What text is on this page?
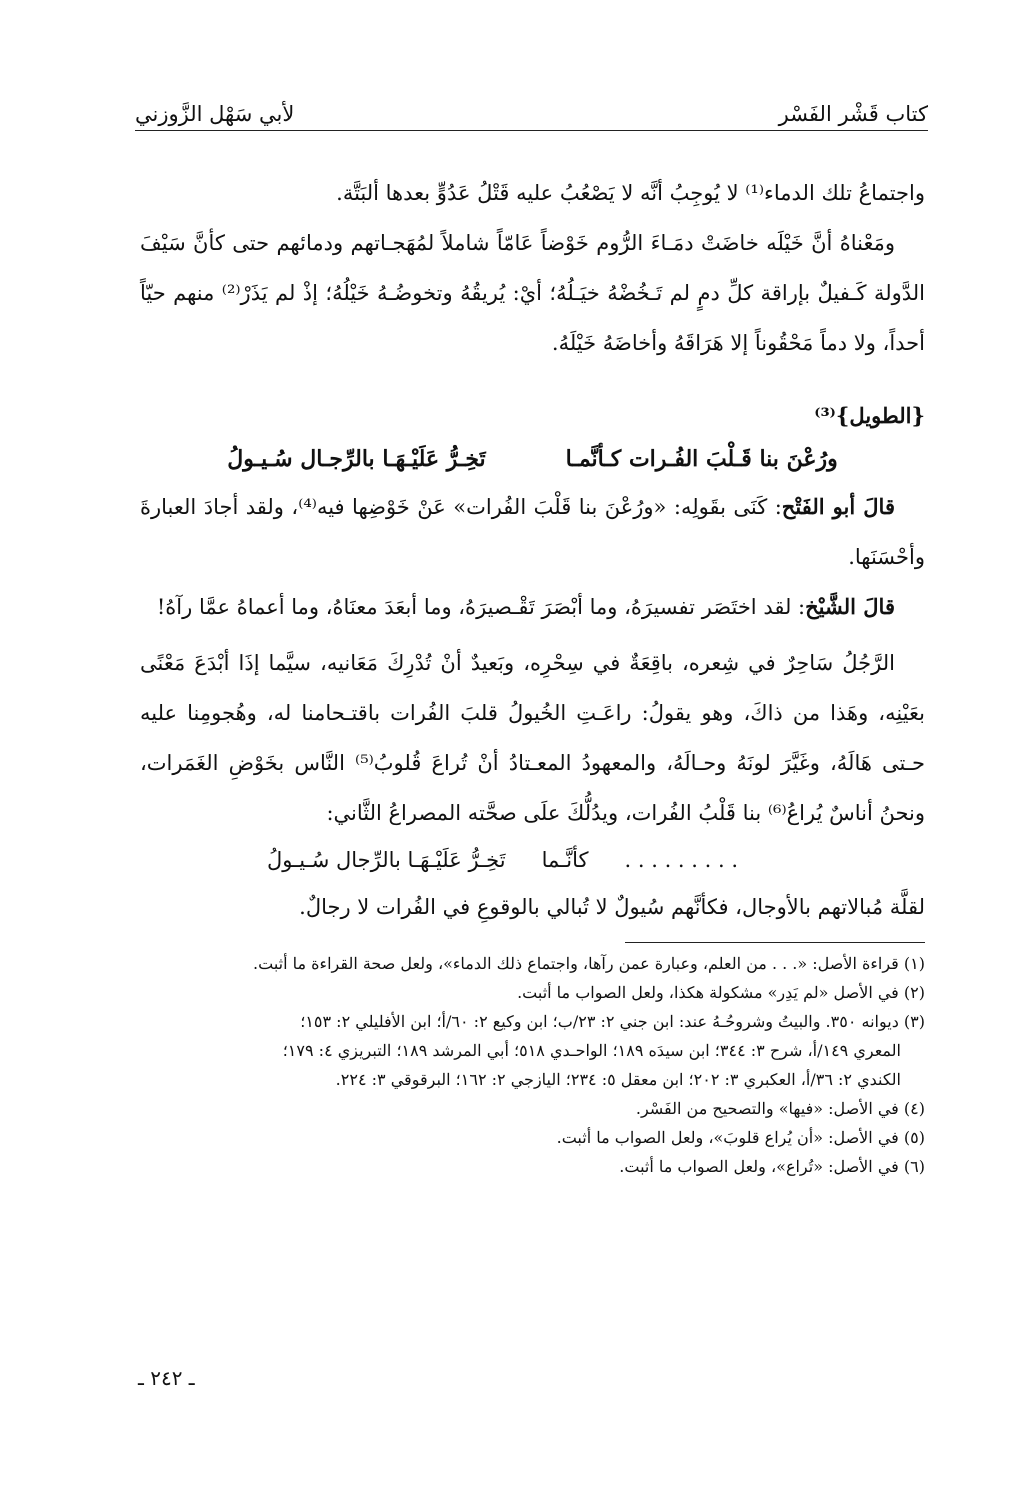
كتاب قَشْر الفَسْر
لأبي سَهْل الزَّوزني

واجتماعُ تلك الدماء⁽¹⁾ لا يُوجِبُ أنَّه لا يَصْعُبُ عليه قَتْلُ عَدُوٍّ بعدها ألبَتَّة.

ومَعْناهُ أنَّ خَيْلَه خاضَتْ دمَـاءَ الرُّوم خَوْضاً عَامّاً شاملاً لمُهَجـاتهم ودمائهم حتى كأنَّ سَيْفَ الدَّولة كَـفيلٌ بإراقة كلِّ دمٍ لم تَـخُضْهُ خيَـلُهُ؛ أيْ: يُريقُهُ وتخوضُـهُ خَيْلُهُ؛ إذْ لم يَذَرْ⁽²⁾ منهم حيّاً أحداً، ولا دماً مَحْقُوناً إلا هَرَاقَهُ وأخاضَهُ خَيْلَهُ.

{الطويل}⁽³⁾
ورُعْنَ بنا قَـلْبَ الفُـرات كـأنَّمـا
تَخِـرُّ عَلَيْـهَـا بالرِّجـال سُـيـولُ

قالَ أبو الفَتْح: كَنَى بقَولِه: «ورُعْنَ بنا قَلْبَ الفُرات» عَنْ خَوْضِها فيه⁽⁴⁾، ولقد أجادَ العبارةَ وأحْسَنَها.

قالَ الشَّيْخ: لقد اختَصَر تفسيرَهُ، وما أبْصَرَ تَقْـصيرَهُ، وما أبعَدَ معنَاهُ، وما أعماهُ عمَّا رآهُ!

الرَّجُلُ سَاحِرٌ في شِعره، باقِعَةٌ في سِحْرِه، وبَعيدٌ أنْ تُدْرِكَ مَعَانيه، سيَّما إذَا أبْدَعَ مَعْنًى بعَيْنِه، وهَذا من ذاكَ، وهو يقولُ: راعَـتِ الخُيولُ قلبَ الفُرات باقتـحامنا له، وهُجومِنا عليه حـتى هَالَهُ، وغَيَّرَ لونَهُ وحـالَهُ، والمعهودُ المعـتادُ أنْ تُراعَ قُلوبُ⁽⁵⁾ النَّاس بخَوْضِ الغَمَرات، ونحنُ أناسٌ يُراعُ⁽⁶⁾ بنا قَلْبُ الفُرات، ويدُلُّكَ علَى صحَّته المصراعُ الثَّاني:

. . . . . . . . .
كأنَّـما
تَخِـرُّ عَلَيْـهَـا بالرِّجال سُـيـولُ

لقلَّة مُبالاتهم بالأوجال، فكأنَّهم سُيولٌ لا تُبالي بالوقوعِ في الفُرات لا رجالٌ.

(١) قراءة الأصل: «. . . من العلم، وعبارة عمن رآها، واجتماع ذلك الدماء»، ولعل صحة القراءة ما أثبت.

(٢) في الأصل «لم يَدِر» مشكولة هكذا، ولعل الصواب ما أثبت.

(٣) ديوانه ٣٥٠. والبيتُ وشروحُـهُ عند: ابن جني ٢: ٢٣/ب؛ ابن وكيع ٢: ٦٠/أ؛ ابن الأفليلي ٢: ١٥٣؛

المعري ١٤٩/أ، شرح ٣: ٣٤٤؛ ابن سيدَه ١٨٩؛ الواحـدي ٥١٨؛ أبي المرشد ١٨٩؛ التبريزي ٤: ١٧٩؛

الكندي ٢: ٣٦/أ، العكبري ٣: ٢٠٢؛ ابن معقل ٥: ٢٣٤؛ اليازجي ٢: ١٦٢؛ البرقوقي ٣: ٢٢٤.

(٤) في الأصل: «فيها» والتصحيح من الفَسْر.

(٥) في الأصل: «أن يُراع قلوبَ»، ولعل الصواب ما أثبت.

(٦) في الأصل: «تُراع»، ولعل الصواب ما أثبت.

ـ ٢٤٢ ـ
